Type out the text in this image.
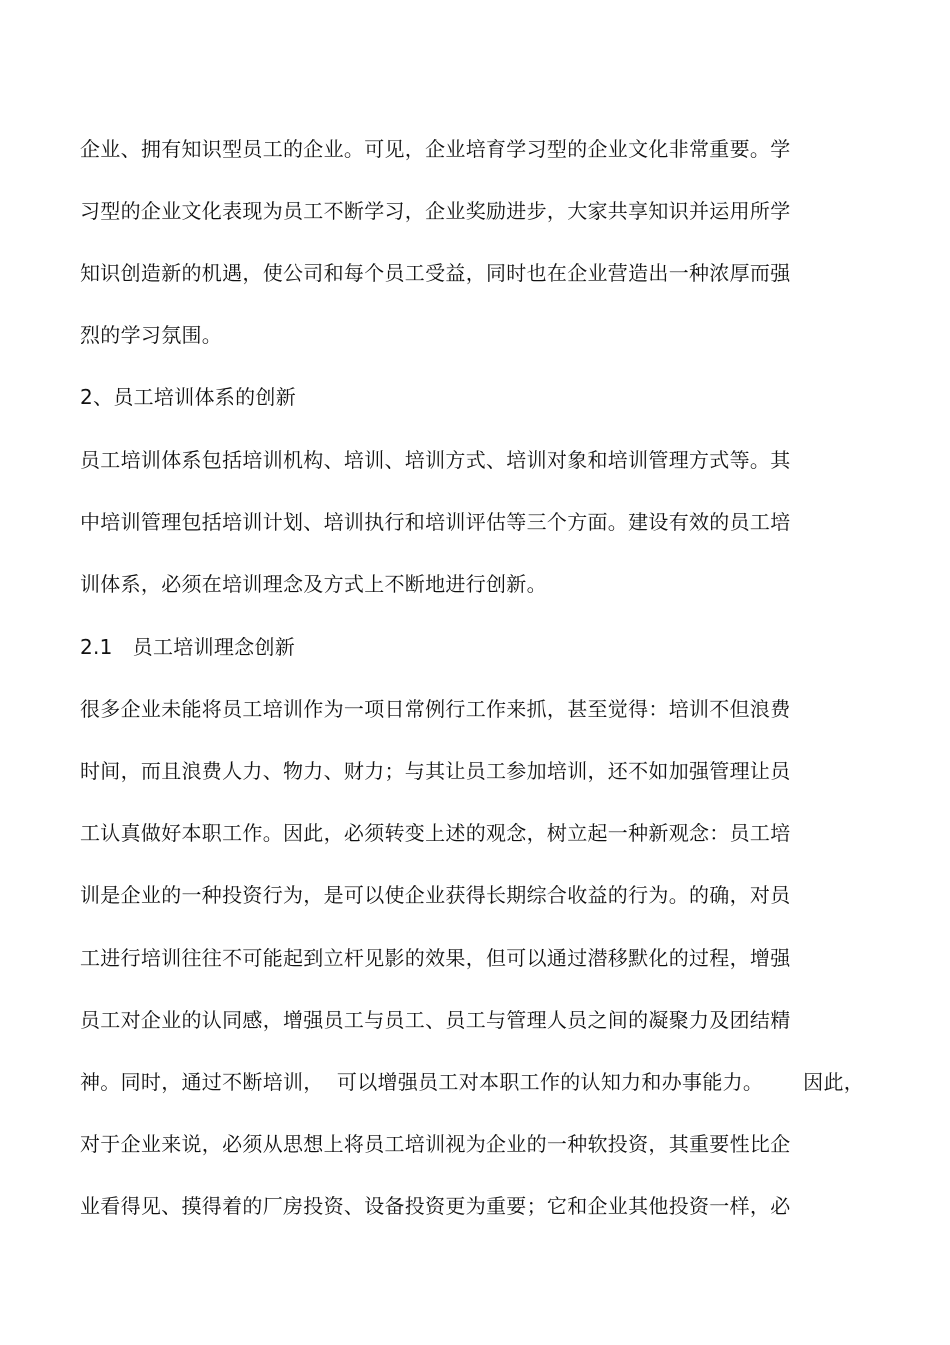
企业、拥有知识型员工的企业。可见，企业培育学习型的企业文化非常重要。学
习型的企业文化表现为员工不断学习，企业奖励进步，大家共享知识并运用所学
知识创造新的机遇，使公司和每个员工受益，同时也在企业营造出一种浓厚而强
烈的学习氛围。
2、员工培训体系的创新
员工培训体系包括培训机构、培训、培训方式、培训对象和培训管理方式等。其
中培训管理包括培训计划、培训执行和培训评估等三个方面。建设有效的员工培
训体系，必须在培训理念及方式上不断地进行创新。
2.1   员工培训理念创新
很多企业未能将员工培训作为一项日常例行工作来抓，甚至觉得：培训不但浪费
时间，而且浪费人力、物力、财力；与其让员工参加培训，还不如加强管理让员
工认真做好本职工作。因此，必须转变上述的观念，树立起一种新观念：员工培
训是企业的一种投资行为，是可以使企业获得长期综合收益的行为。的确，对员
工进行培训往往不可能起到立杆见影的效果，但可以通过潜移默化的过程，增强
员工对企业的认同感，增强员工与员工、员工与管理人员之间的凝聚力及团结精
神。同时，通过不断培训，  可以增强员工对本职工作的认知力和办事能力。      因此，
对于企业来说，必须从思想上将员工培训视为企业的一种软投资，其重要性比企
业看得见、摸得着的厂房投资、设备投资更为重要；它和企业其他投资一样，必
